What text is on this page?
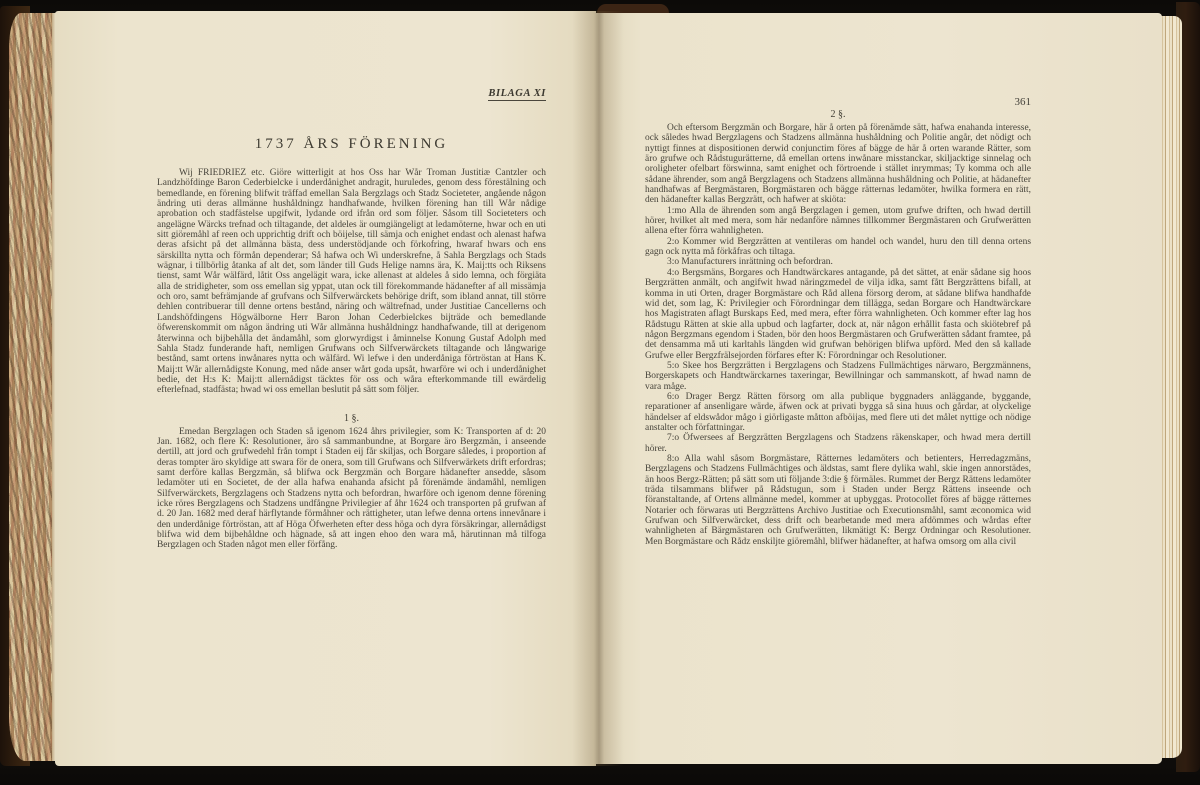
BILAGA XI
1737 ÅRS FÖRENING

Wij FRIEDRIEZ etc. Giöre witterligit at hos Oss har Wår Troman Justitiæ Cantzler och Landzhöfdinge Baron Cederbielcke i underdånighet andragit, huruledes, genom dess förestälning och bemedlande, en förening blifwit träffad emellan Sala Bergzlags och Stadz Societeter, angående någon ändring uti deras allmänne hushåldningz handhafwande, hvilken förening han till Wår nådige aprobation och stadfästelse upgifwit, lydande ord ifrån ord som följer. Såsom till Societeters och angelägne Wärcks trefnad och tiltagande, det aldeles är oumgiängeligt at ledamöterne, hwar och en uti sitt giöremåhl af reen och upprichtig drift och böijelse, till sämja och enighet endast och alenast hafwa deras afsicht på det allmänna bästa, dess understödjande och förkofring, hwaraf hwars och ens särskillta nytta och förmån dependerar; Så hafwa och Wi underskrefne, å Sahla Bergzlags och Stads wägnar, i tillbörlig åtanka af alt det, som länder till Guds Helige namns ära, K. Maij:tts och Riksens tienst, samt Wår wälfärd, låtit Oss angelägit wara, icke allenast at aldeles å sido lemna, och förgiäta alla de stridigheter, som oss emellan sig yppat, utan ock till förekommande hädanefter af all missämja och oro, samt befrämjande af grufvans och Silfverwärckets behörige drift, som ibland annat, till större dehlen contribuerar till denne ortens bestånd, näring och wältrefnad, under Justitiae Cancellerns och Landshöfdingens Högwälborne Herr Baron Johan Cederbielckes bijträde och bemedlande öfwerenskommit om någon ändring uti Wår allmänna hushåldningz handhafwande, till at derigenom återwinna och bijbehålla det ändamåhl, som glorwyrdigst i åminnelse Konung Gustaf Adolph med Sahla Stadz funderande haft, nemligen Grufwans och Silfverwärckets tiltagande och långwarige bestånd, samt ortens inwånares nytta och wälfärd. Wi lefwe i den underdåniga förtröstan at Hans K. Maij:tt Wår allernådigste Konung, med nåde anser wårt goda upsåt, hwarföre wi och i underdånighet bedie, det H:s K: Maij:tt allernådigst täcktes för oss och wåra efterkommande till ewärdelig efterlefnad, stadfästa; hwad wi oss emellan beslutit på sätt som följer.

1 §.

Emedan Bergzlagen och Staden så igenom 1624 åhrs privilegier, som K: Transporten af d: 20 Jan. 1682, och flere K: Resolutioner, äro så sammanbundne, at Borgare äro Bergzmän, i anseende dertill, att jord och grufwedehl från tompt i Staden eij får skiljas, och Borgare således, i proportion af deras tompter äro skyldige att swara för de onera, som till Grufwans och Silfverwärkets drift erfordras; samt derföre kallas Bergzmän, så blifwa ock Bergzmän och Borgare hädanefter ansedde, såsom ledamöter uti en Societet, de der alla hafwa enahanda afsicht på förenämde ändamåhl, nemligen Silfverwärckets, Bergzlagens och Stadzens nytta och befordran, hwarföre och igenom denne förening icke röres Bergzlagens och Stadzens undfångne Privilegier af åhr 1624 och transporten på grufwan af d. 20 Jan. 1682 med deraf härflytande förmåhner och rättigheter, utan lefwe denna ortens innevånare i den underdånige förtröstan, att af Höga Öfwerheten efter dess höga och dyra försäkringar, allernådigst blifwa wid dem bijbehåldne och hägnade, så att ingen ehoo den wara må, härutinnan må tilfoga Bergzlagen och Staden något men eller förfång.

361
2 §.

Och eftersom Bergzmän och Borgare, här å orten på förenämde sätt, hafwa enahanda interesse, ock således hwad Bergzlagens och Stadzens allmänna hushåldning och Politie angår, det nödigt och nyttigt finnes at dispositionen derwid conjunctim föres af bägge de här å orten warande Rätter, som äro grufwe och Rådstugurätterne, då emellan ortens inwånare misstanckar, skiljacktige sinnelag och oroligheter ofelbart förswinna, samt enighet och förtroende i stället inrymmas; Ty komma och alle sådane ährender, som angå Bergzlagens och Stadzens allmänna hushåldning och Politie, at hädanefter handhafwas af Bergmästaren, Borgmästaren och bägge rätternas ledamöter, hwilka formera en rätt, den hädanefter kallas Bergzrätt, och hafwer at skiöta:

1:mo Alla de ährenden som angå Bergzlagen i gemen, utom grufwe driften, och hwad dertill hörer, hvilket alt med mera, som här nedanföre nämnes tillkommer Bergmästaren och Grufwerätten allena efter förra wahnligheten.

2:o Kommer wid Bergzrätten at ventileras om handel och wandel, huru den till denna ortens gagn ock nytta må förkåfras och tiltaga.

3:o Manufacturers inrättning och befordran.

4:o Bergsmäns, Borgares och Handtwärckares antagande, på det sättet, at enär sådane sig hoos Bergzrätten anmält, och angifwit hwad näringzmedel de vilja idka, samt fått Bergzrättens bifall, at komma in uti Orten, drager Borgmästare och Råd allena försorg derom, at sådane blifwa handhafde wid det, som lag, K: Privilegier och Förordningar dem tillägga, sedan Borgare och Handtwärckare hos Magistraten aflagt Burskaps Eed, med mera, efter förra wahnligheten. Och kommer efter lag hos Rådstugu Rätten at skie alla upbud och lagfarter, dock at, när någon erhållit fasta och skiötebref på någon Bergzmans egendom i Staden, bör den hoos Bergmästaren och Grufwerätten sådant framtee, på det densamma må uti karltahls längden wid grufwan behörigen blifwa upförd. Med den så kallade Grufwe eller Bergzfrälsejorden förfares efter K: Förordningar och Resolutioner.

5:o Skee hos Bergzrätten i Bergzlagens och Stadzens Fullmächtiges närwaro, Bergzmännens, Borgerskapets och Handtwärckarnes taxeringar, Bewillningar och sammanskott, af hwad namn de vara måge.

6:o Drager Bergz Rätten försorg om alla publique byggnaders anläggande, byggande, reparationer af ansenligare wärde, äfwen ock at privati bygga så sina huus och gårdar, at olyckelige händelser af eldswådor mågo i giörligaste måtton afböijas, med flere uti det målet nyttige och nödige anstalter och författningar.

7:o Öfwersees af Bergzrätten Bergzlagens och Stadzens räkenskaper, och hwad mera dertill hörer.

8:o Alla wahl såsom Borgmästare, Rätternes ledamöters och betienters, Herredagzmäns, Bergzlagens och Stadzens Fullmächtiges och äldstas, samt flere dylika wahl, skie ingen annorstädes, än hoos Bergz-Rätten; på sätt som uti följande 3:die § förmäles. Rummet der Bergz Rättens ledamöter träda tilsammans blifwer på Rådstugun, som i Staden under Bergz Rättens inseende och föranstaltande, af Ortens allmänne medel, kommer at upbyggas. Protocollet föres af bägge rätternes Notarier och förwaras uti Bergzrättens Archivo Justitiae och Executionsmåhl, samt æconomica wid Grufwan och Silfverwärcket, dess drift och bearbetande med mera afdömmes och wårdas efter wahnligheten af Bärgmästaren och Grufwerätten, likmätigt K: Bergz Ordningar och Resolutioner. Men Borgmästare och Rådz enskiljte giöremåhl, blifwer hädanefter, at hafwa omsorg om alla civil
